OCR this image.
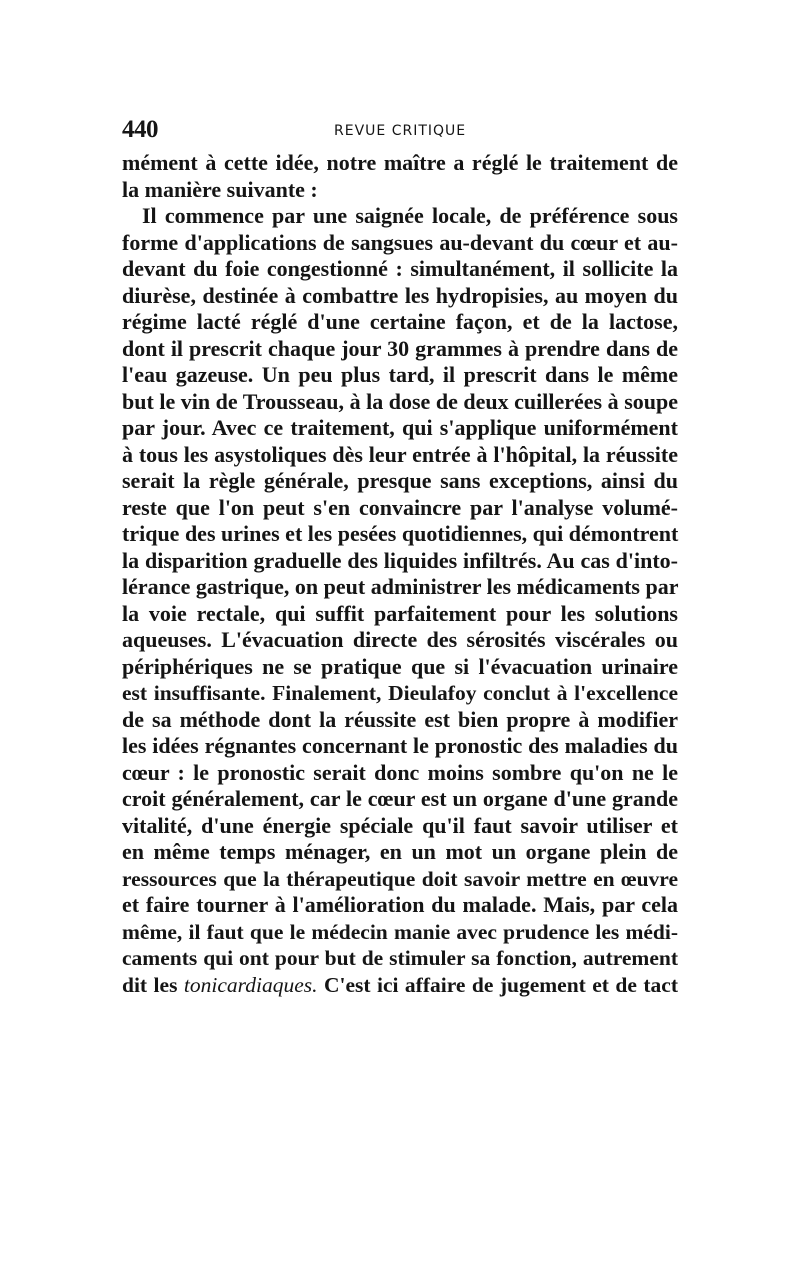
440	REVUE CRITIQUE
mément à cette idée, notre maître a réglé le traitement de
la manière suivante :
Il commence par une saignée locale, de préférence sous
forme d'applications de sangsues au-devant du cœur et au-
devant du foie congestionné : simultanément, il sollicite la
diurèse, destinée à combattre les hydropisies, au moyen du
régime lacté réglé d'une certaine façon, et de la lactose,
dont il prescrit chaque jour 30 grammes à prendre dans de
l'eau gazeuse. Un peu plus tard, il prescrit dans le même
but le vin de Trousseau, à la dose de deux cuillerées à soupe
par jour. Avec ce traitement, qui s'applique uniformément
à tous les asystoliques dès leur entrée à l'hôpital, la réussite
serait la règle générale, presque sans exceptions, ainsi du
reste que l'on peut s'en convaincre par l'analyse volumé-
trique des urines et les pesées quotidiennes, qui démontrent
la disparition graduelle des liquides infiltrés. Au cas d'into-
lérance gastrique, on peut administrer les médicaments par
la voie rectale, qui suffit parfaitement pour les solutions
aqueuses. L'évacuation directe des sérosités viscérales ou
périphériques ne se pratique que si l'évacuation urinaire
est insuffisante. Finalement, Dieulafoy conclut à l'excellence
de sa méthode dont la réussite est bien propre à modifier
les idées régnantes concernant le pronostic des maladies du
cœur : le pronostic serait donc moins sombre qu'on ne le
croit généralement, car le cœur est un organe d'une grande
vitalité, d'une énergie spéciale qu'il faut savoir utiliser et
en même temps ménager, en un mot un organe plein de
ressources que la thérapeutique doit savoir mettre en œuvre
et faire tourner à l'amélioration du malade. Mais, par cela
même, il faut que le médecin manie avec prudence les médi-
caments qui ont pour but de stimuler sa fonction, autrement
dit les tonicardiaques. C'est ici affaire de jugement et de tact
